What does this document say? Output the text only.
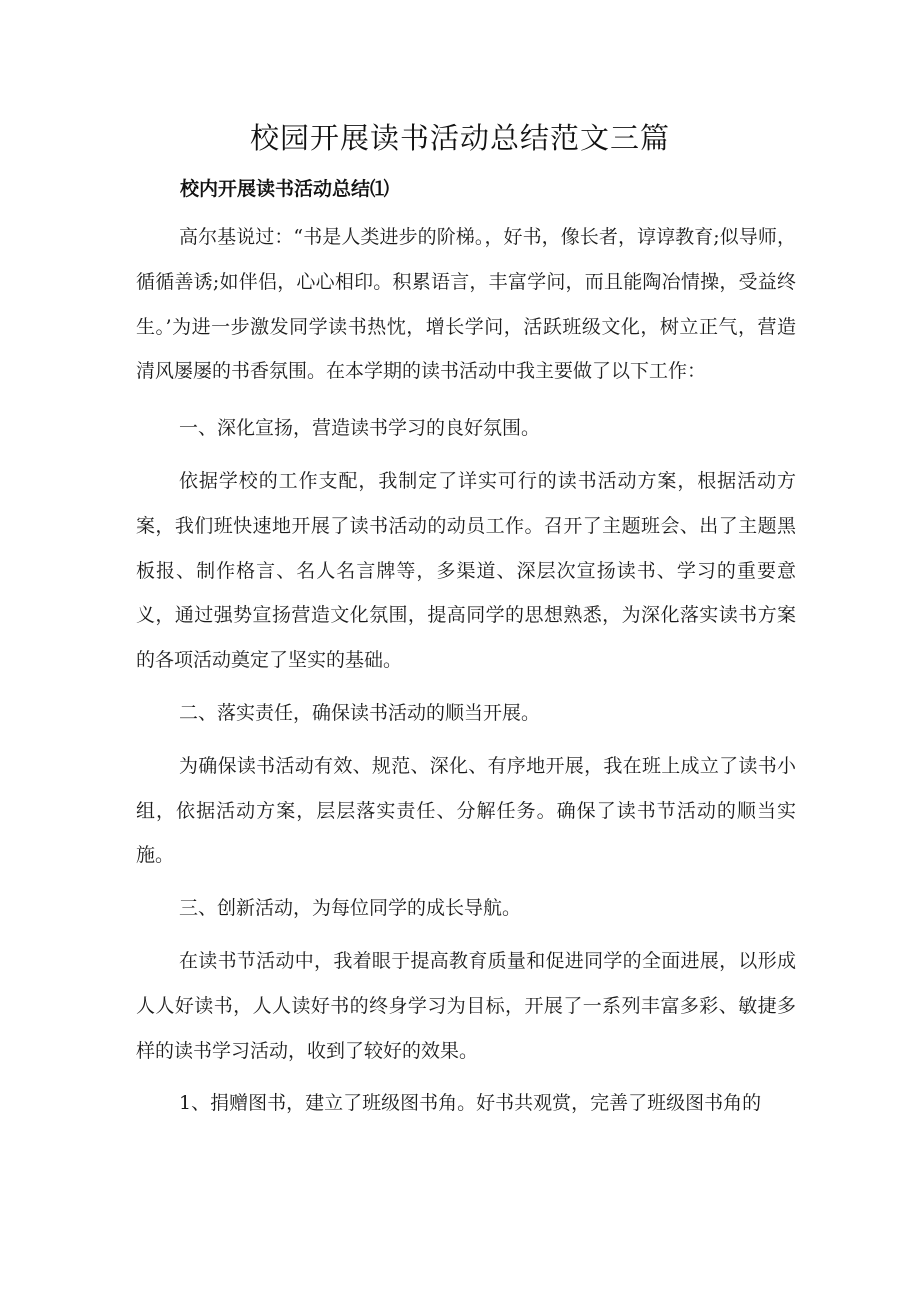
校园开展读书活动总结范文三篇

校内开展读书活动总结⑴

高尔基说过：“书是人类进步的阶梯。，好书，像长者，谆谆教育;似导师，循循善诱;如伴侣，心心相印。积累语言，丰富学问，而且能陶冶情操，受益终生。’为进一步激发同学读书热忱，增长学问，活跃班级文化，树立正气，营造清风屡屡的书香氛围。在本学期的读书活动中我主要做了以下工作：

一、深化宣扬，营造读书学习的良好氛围。

依据学校的工作支配，我制定了详实可行的读书活动方案，根据活动方案，我们班快速地开展了读书活动的动员工作。召开了主题班会、出了主题黑板报、制作格言、名人名言牌等，多渠道、深层次宣扬读书、学习的重要意义，通过强势宣扬营造文化氛围，提高同学的思想熟悉，为深化落实读书方案的各项活动奠定了坚实的基础。

二、落实责任，确保读书活动的顺当开展。

为确保读书活动有效、规范、深化、有序地开展，我在班上成立了读书小组，依据活动方案，层层落实责任、分解任务。确保了读书节活动的顺当实施。

三、创新活动，为每位同学的成长导航。

在读书节活动中，我着眼于提高教育质量和促进同学的全面进展，以形成人人好读书，人人读好书的终身学习为目标，开展了一系列丰富多彩、敏捷多样的读书学习活动，收到了较好的效果。

1、捐赠图书，建立了班级图书角。好书共观赏，完善了班级图书角的
